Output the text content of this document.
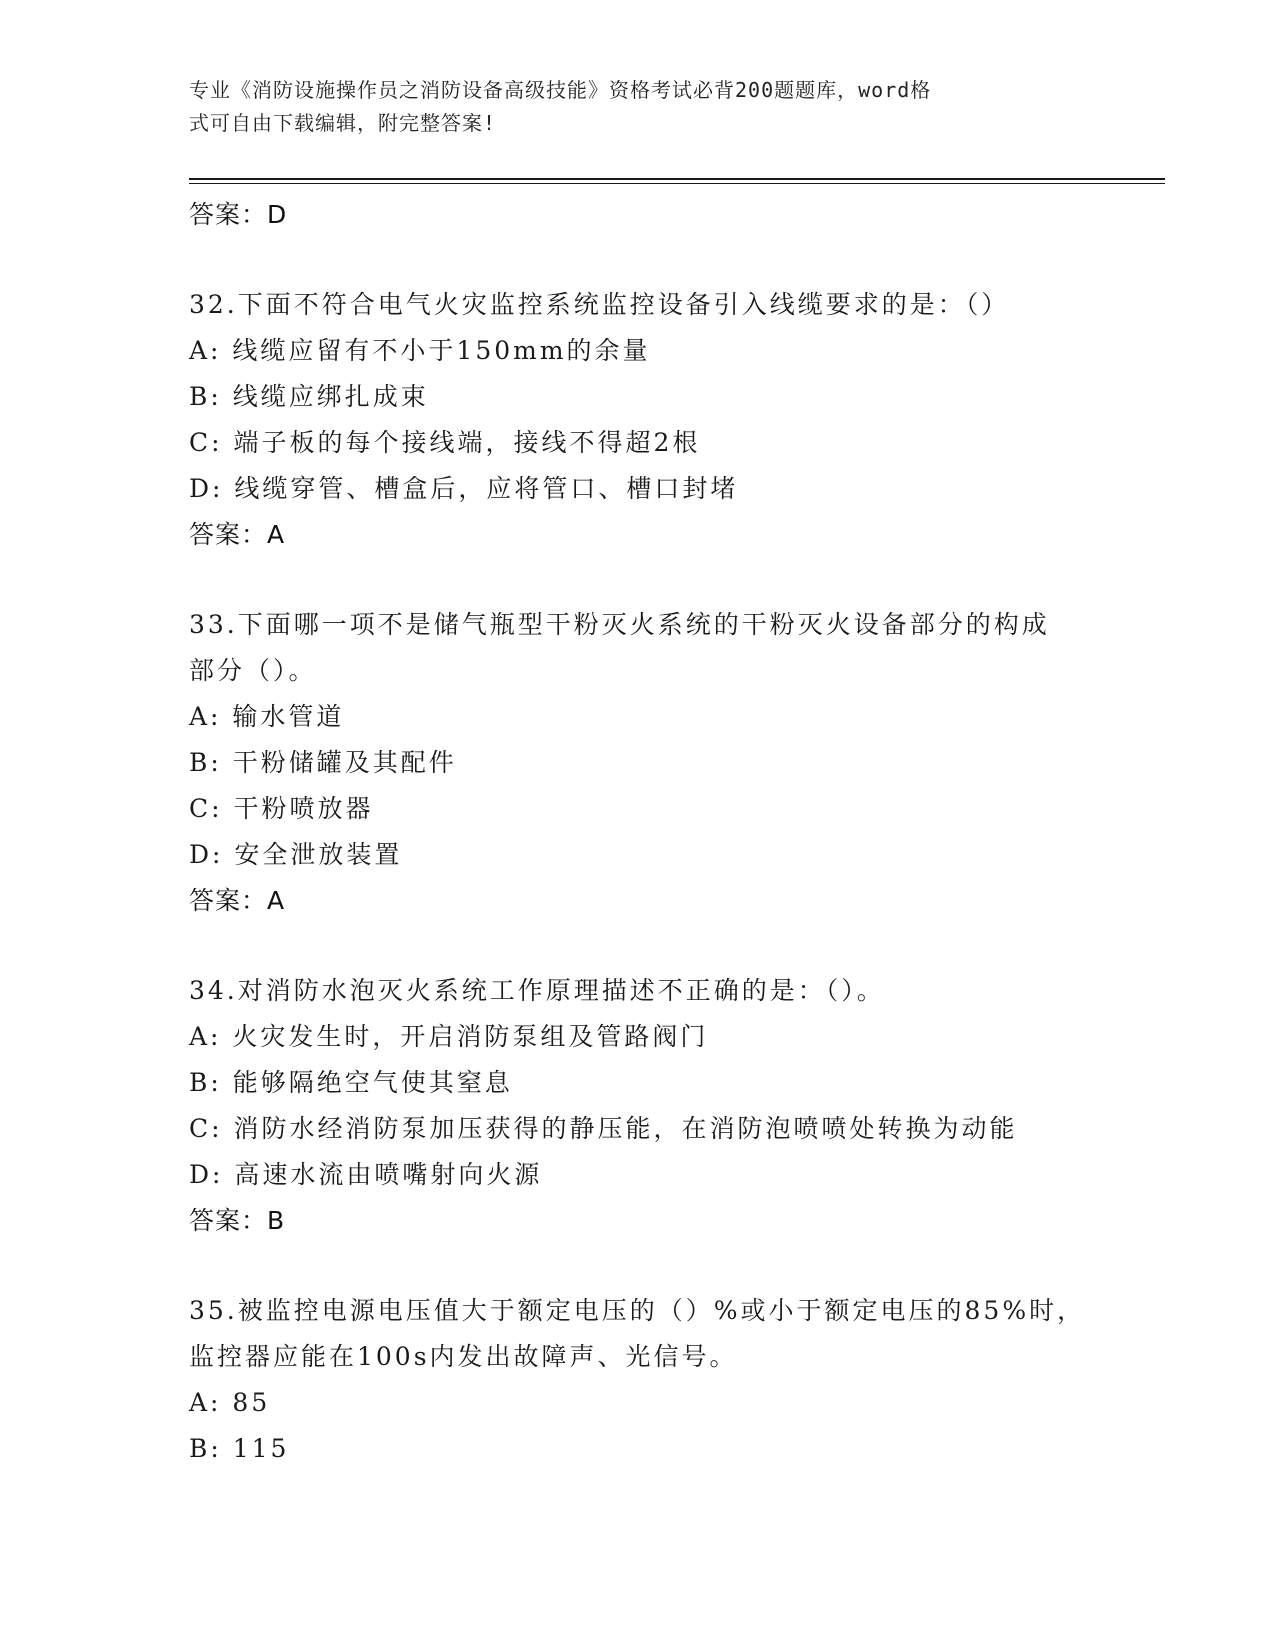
专业《消防设施操作员之消防设备高级技能》资格考试必背200题题库，word格
式可自由下载编辑，附完整答案!
答案：D
32.下面不符合电气火灾监控系统监控设备引入线缆要求的是：（）
A: 线缆应留有不小于150mm的余量
B: 线缆应绑扎成束
C: 端子板的每个接线端，接线不得超2根
D: 线缆穿管、槽盒后，应将管口、槽口封堵
答案：A
33.下面哪一项不是储气瓶型干粉灭火系统的干粉灭火设备部分的构成
部分（）。
A: 输水管道
B: 干粉储罐及其配件
C: 干粉喷放器
D: 安全泄放装置
答案：A
34.对消防水泡灭火系统工作原理描述不正确的是：（）。
A: 火灾发生时，开启消防泵组及管路阀门
B: 能够隔绝空气使其窒息
C: 消防水经消防泵加压获得的静压能，在消防泡喷喷处转换为动能
D: 高速水流由喷嘴射向火源
答案：B
35.被监控电源电压值大于额定电压的（）%或小于额定电压的85%时，
监控器应能在100s内发出故障声、光信号。
A: 85
B: 115
